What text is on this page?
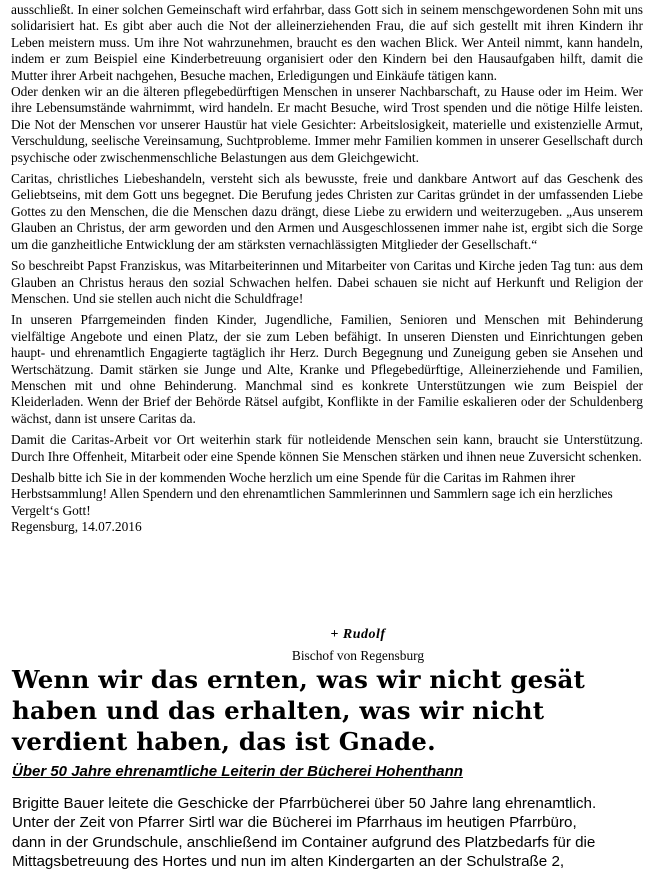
ausschließt. In einer solchen Gemeinschaft wird erfahrbar, dass Gott sich in seinem menschgewordenen Sohn mit uns solidarisiert hat. Es gibt aber auch die Not der alleinerziehenden Frau, die auf sich gestellt mit ihren Kindern ihr Leben meistern muss. Um ihre Not wahrzunehmen, braucht es den wachen Blick. Wer Anteil nimmt, kann handeln, indem er zum Beispiel eine Kinderbetreuung organisiert oder den Kindern bei den Hausaufgaben hilft, damit die Mutter ihrer Arbeit nachgehen, Besuche machen, Erledigungen und Einkäufe tätigen kann.

Oder denken wir an die älteren pflegebedürftigen Menschen in unserer Nachbarschaft, zu Hause oder im Heim. Wer ihre Lebensumstände wahrnimmt, wird handeln. Er macht Besuche, wird Trost spenden und die nötige Hilfe leisten. Die Not der Menschen vor unserer Haustür hat viele Gesichter: Arbeitslosigkeit, materielle und existenzielle Armut, Verschuldung, seelische Vereinsamung, Suchtprobleme. Immer mehr Familien kommen in unserer Gesellschaft durch psychische oder zwischenmenschliche Belastungen aus dem Gleichgewicht.

Caritas, christliches Liebeshandeln, versteht sich als bewusste, freie und dankbare Antwort auf das Geschenk des Geliebtseins, mit dem Gott uns begegnet. Die Berufung jedes Christen zur Caritas gründet in der umfassenden Liebe Gottes zu den Menschen, die die Menschen dazu drängt, diese Liebe zu erwidern und weiterzugeben. „Aus unserem Glauben an Christus, der arm geworden und den Armen und Ausgeschlossenen immer nahe ist, ergibt sich die Sorge um die ganzheitliche Entwicklung der am stärksten vernachlässigten Mitglieder der Gesellschaft.“

So beschreibt Papst Franziskus, was Mitarbeiterinnen und Mitarbeiter von Caritas und Kirche jeden Tag tun: aus dem Glauben an Christus heraus den sozial Schwachen helfen. Dabei schauen sie nicht auf Herkunft und Religion der Menschen. Und sie stellen auch nicht die Schuldfrage!

In unseren Pfarrgemeinden finden Kinder, Jugendliche, Familien, Senioren und Menschen mit Behinderung vielfältige Angebote und einen Platz, der sie zum Leben befähigt. In unseren Diensten und Einrichtungen geben haupt- und ehrenamtlich Engagierte tagtäglich ihr Herz. Durch Begegnung und Zuneigung geben sie Ansehen und Wertschätzung. Damit stärken sie Junge und Alte, Kranke und Pflegebedürftige, Alleinerziehende und Familien, Menschen mit und ohne Behinderung. Manchmal sind es konkrete Unterstützungen wie zum Beispiel der Kleiderladen. Wenn der Brief der Behörde Rätsel aufgibt, Konflikte in der Familie eskalieren oder der Schuldenberg wächst, dann ist unsere Caritas da.

Damit die Caritas-Arbeit vor Ort weiterhin stark für notleidende Menschen sein kann, braucht sie Unterstützung. Durch Ihre Offenheit, Mitarbeit oder eine Spende können Sie Menschen stärken und ihnen neue Zuversicht schenken.

Deshalb bitte ich Sie in der kommenden Woche herzlich um eine Spende für die Caritas im Rahmen ihrer Herbstsammlung! Allen Spendern und den ehrenamtlichen Sammlerinnen und Sammlern sage ich ein herzliches Vergelt‘s Gott!

Regensburg, 14.07.2016

+ Rudolf
Bischof von Regensburg
Wenn wir das ernten, was wir nicht gesät
haben und das erhalten, was wir nicht
verdient haben, das ist Gnade.
Über 50 Jahre ehrenamtliche Leiterin der Bücherei Hohenthann
Brigitte Bauer leitete die Geschicke der Pfarrbücherei über 50 Jahre lang ehrenamtlich.
Unter der Zeit von Pfarrer Sirtl war die Bücherei im Pfarrhaus im heutigen Pfarrbüro,
dann in der Grundschule, anschließend im Container aufgrund des Platzbedarfs für die
Mittagsbetreuung des Hortes und nun im alten Kindergarten an der Schulstraße 2,
